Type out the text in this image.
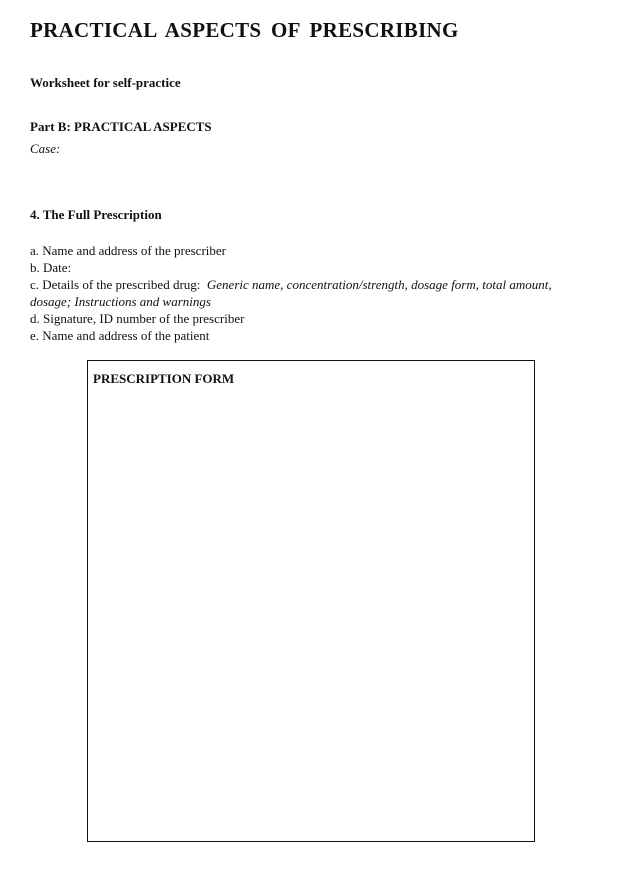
PRACTICAL ASPECTS OF PRESCRIBING
Worksheet for self-practice
Part B: PRACTICAL ASPECTS
Case:
4. The Full Prescription
a. Name and address of the prescriber
b. Date:
c. Details of the prescribed drug: Generic name, concentration/strength, dosage form, total amount,
dosage; Instructions and warnings
d. Signature, ID number of the prescriber
e. Name and address of the patient
PRESCRIPTION FORM
